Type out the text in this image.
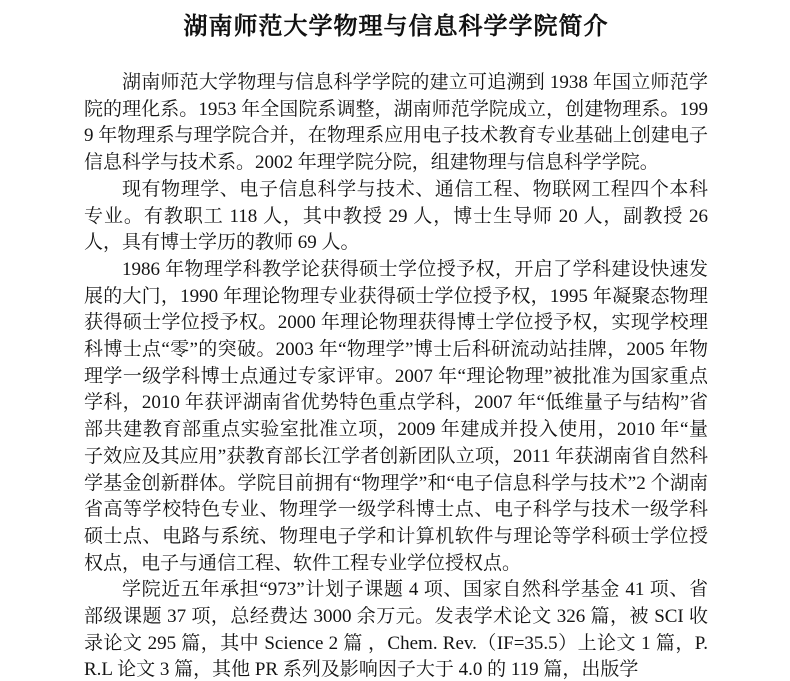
湖南师范大学物理与信息科学学院简介

湖南师范大学物理与信息科学学院的建立可追溯到 1938 年国立师范学院的理化系。1953 年全国院系调整，湖南师范学院成立，创建物理系。1999 年物理系与理学院合并，在物理系应用电子技术教育专业基础上创建电子信息科学与技术系。2002 年理学院分院，组建物理与信息科学学院。

现有物理学、电子信息科学与技术、通信工程、物联网工程四个本科专业。有教职工 118 人，其中教授 29 人，博士生导师 20 人，副教授 26 人，具有博士学历的教师 69 人。

1986 年物理学科教学论获得硕士学位授予权，开启了学科建设快速发展的大门，1990 年理论物理专业获得硕士学位授予权，1995 年凝聚态物理获得硕士学位授予权。2000 年理论物理获得博士学位授予权，实现学校理科博士点“零”的突破。2003 年“物理学”博士后科研流动站挂牌，2005 年物理学一级学科博士点通过专家评审。2007 年“理论物理”被批准为国家重点学科，2010 年获评湖南省优势特色重点学科，2007 年“低维量子与结构”省部共建教育部重点实验室批准立项，2009 年建成并投入使用，2010 年“量子效应及其应用”获教育部长江学者创新团队立项，2011 年获湖南省自然科学基金创新群体。学院目前拥有“物理学”和“电子信息科学与技术”2 个湖南省高等学校特色专业、物理学一级学科博士点、电子科学与技术一级学科硕士点、电路与系统、物理电子学和计算机软件与理论等学科硕士学位授权点，电子与通信工程、软件工程专业学位授权点。

学院近五年承担“973”计划子课题 4 项、国家自然科学基金 41 项、省部级课题 37 项，总经费达 3000 余万元。发表学术论文 326 篇，被 SCI 收录论文 295 篇，其中 Science 2 篇 ，Chem. Rev.（IF=35.5）上论文 1 篇，P.R.L 论文 3 篇，其他 PR 系列及影响因子大于 4.0 的 119 篇，出版学
